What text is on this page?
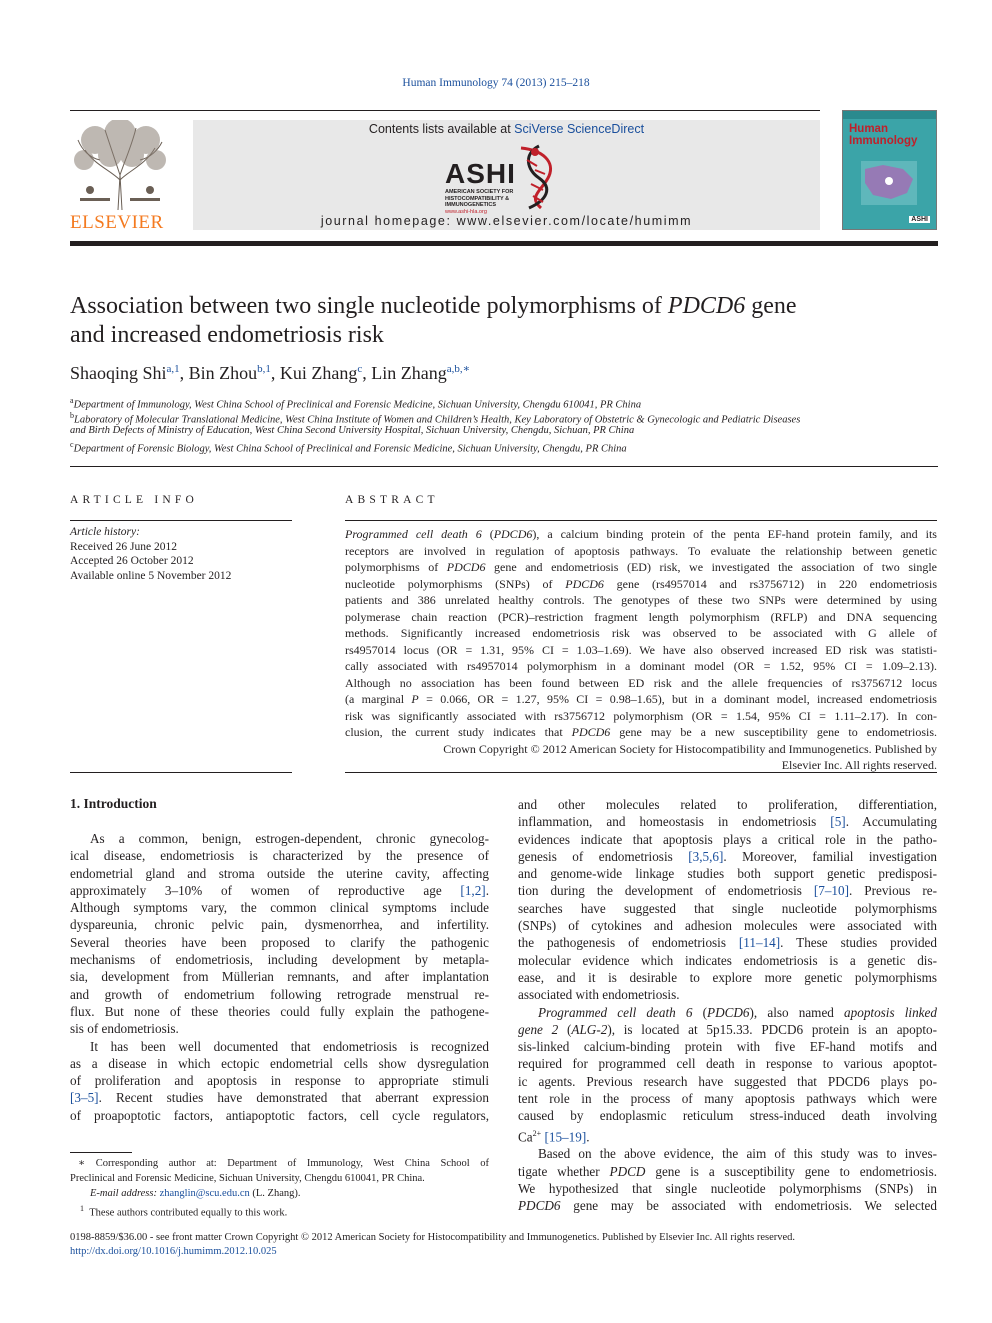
Human Immunology 74 (2013) 215–218
ELSEVIER
Contents lists available at SciVerse ScienceDirect
ASHI
AMERICAN SOCIETY FOR
HISTOCOMPATIBILITY &
IMMUNOGENETICS
www.ashi-hla.org
journal homepage: www.elsevier.com/locate/humimm
Human
Immunology
ASHI
Association between two single nucleotide polymorphisms of PDCD6 gene
and increased endometriosis risk
Shaoqing Shi$^{a,1}$, Bin Zhou$^{b,1}$, Kui Zhang$^c$, Lin Zhang$^{a,b,∗}$
$^a$Department of Immunology, West China School of Preclinical and Forensic Medicine, Sichuan University, Chengdu 610041, PR China
$^b$Laboratory of Molecular Translational Medicine, West China Institute of Women and Children’s Health, Key Laboratory of Obstetric & Gynecologic and Pediatric Diseases
and Birth Defects of Ministry of Education, West China Second University Hospital, Sichuan University, Chengdu, Sichuan, PR China
$^c$Department of Forensic Biology, West China School of Preclinical and Forensic Medicine, Sichuan University, Chengdu, PR China
ARTICLE INFO
Article history:
Received 26 June 2012
Accepted 26 October 2012
Available online 5 November 2012
ABSTRACT
Programmed cell death 6 (PDCD6), a calcium binding protein of the penta EF-hand protein family, and its
receptors are involved in regulation of apoptosis pathways. To evaluate the relationship between genetic
polymorphisms of PDCD6 gene and endometriosis (ED) risk, we investigated the association of two single
nucleotide polymorphisms (SNPs) of PDCD6 gene (rs4957014 and rs3756712) in 220 endometriosis
patients and 386 unrelated healthy controls. The genotypes of these two SNPs were determined by using
polymerase chain reaction (PCR)–restriction fragment length polymorphism (RFLP) and DNA sequencing
methods. Significantly increased endometriosis risk was observed to be associated with G allele of
rs4957014 locus (OR = 1.31, 95% CI = 1.03–1.69). We have also observed increased ED risk was statisti-
cally associated with rs4957014 polymorphism in a dominant model (OR = 1.52, 95% CI = 1.09–2.13).
Although no association has been found between ED risk and the allele frequencies of rs3756712 locus
(a marginal P = 0.066, OR = 1.27, 95% CI = 0.98–1.65), but in a dominant model, increased endometriosis
risk was significantly associated with rs3756712 polymorphism (OR = 1.54, 95% CI = 1.11–2.17). In con-
clusion, the current study indicates that PDCD6 gene may be a new susceptibility gene to endometriosis.
Crown Copyright © 2012 American Society for Histocompatibility and Immunogenetics. Published by
Elsevier Inc. All rights reserved.
1. Introduction
As a common, benign, estrogen-dependent, chronic gynecolog-
ical disease, endometriosis is characterized by the presence of
endometrial gland and stroma outside the uterine cavity, affecting
approximately 3–10% of women of reproductive age [1,2].
Although symptoms vary, the common clinical symptoms include
dyspareunia, chronic pelvic pain, dysmenorrhea, and infertility.
Several theories have been proposed to clarify the pathogenic
mechanisms of endometriosis, including development by metapla-
sia, development from Müllerian remnants, and after implantation
and growth of endometrium following retrograde menstrual re-
flux. But none of these theories could fully explain the pathogene-
sis of endometriosis.
It has been well documented that endometriosis is recognized
as a disease in which ectopic endometrial cells show dysregulation
of proliferation and apoptosis in response to appropriate stimuli
[3–5]. Recent studies have demonstrated that aberrant expression
of proapoptotic factors, antiapoptotic factors, cell cycle regulators,
and other molecules related to proliferation, differentiation,
inflammation, and homeostasis in endometriosis [5]. Accumulating
evidences indicate that apoptosis plays a critical role in the patho-
genesis of endometriosis [3,5,6]. Moreover, familial investigation
and genome-wide linkage studies both support genetic predisposi-
tion during the development of endometriosis [7–10]. Previous re-
searches have suggested that single nucleotide polymorphisms
(SNPs) of cytokines and adhesion molecules were associated with
the pathogenesis of endometriosis [11–14]. These studies provided
molecular evidence which indicates endometriosis is a genetic dis-
ease, and it is desirable to explore more genetic polymorphisms
associated with endometriosis.
Programmed cell death 6 (PDCD6), also named apoptosis linked
gene 2 (ALG-2), is located at 5p15.33. PDCD6 protein is an apopto-
sis-linked calcium-binding protein with five EF-hand motifs and
required for programmed cell death in response to various apoptot-
ic agents. Previous research have suggested that PDCD6 plays po-
tent role in the process of many apoptosis pathways which were
caused by endoplasmic reticulum stress-induced death involving
$Ca^{2+}$ [15–19].
Based on the above evidence, the aim of this study was to inves-
tigate whether PDCD gene is a susceptibility gene to endometriosis.
We hypothesized that single nucleotide polymorphisms (SNPs) in
PDCD6 gene may be associated with endometriosis. We selected
∗ Corresponding author at: Department of Immunology, West China School of
Preclinical and Forensic Medicine, Sichuan University, Chengdu 610041, PR China.
E-mail address: zhanglin@scu.edu.cn (L. Zhang).
$^1$ These authors contributed equally to this work.
0198-8859/$36.00 - see front matter Crown Copyright © 2012 American Society for Histocompatibility and Immunogenetics. Published by Elsevier Inc. All rights reserved.
http://dx.doi.org/10.1016/j.humimm.2012.10.025
